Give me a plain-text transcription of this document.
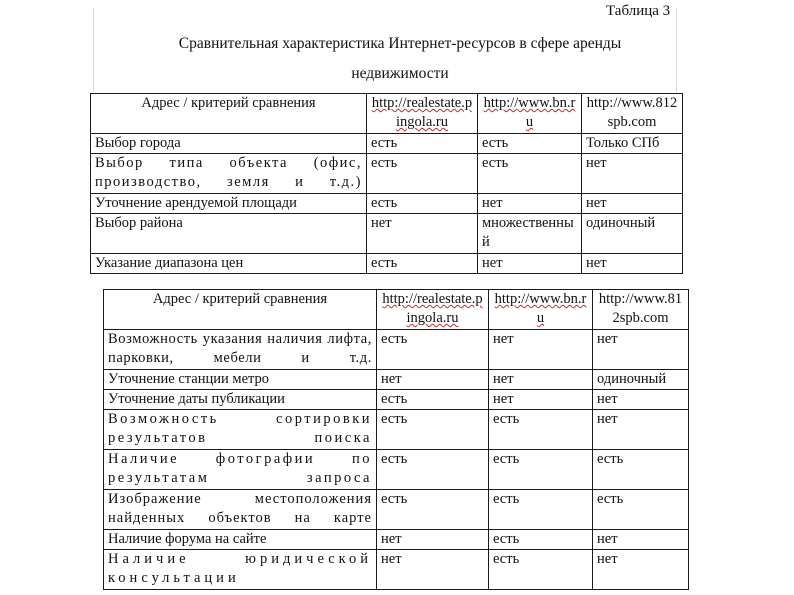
Таблица 3
Сравнительная характеристика Интернет-ресурсов в сфере аренды
недвижимости
Адрес / критерий сравнения	http://realestate.pingola.ru	http://www.bn.ru	http://www.812spb.com
Выбор города	есть	есть	Только СПб
Выбор типа объекта (офис, производство, земля и т.д.)	есть	есть	нет
Уточнение арендуемой площади	есть	нет	нет
Выбор района	нет	множественный	одиночный
Указание диапазона цен	есть	нет	нет
Адрес / критерий сравнения	http://realestate.pingola.ru	http://www.bn.ru	http://www.812spb.com
Возможность указания наличия лифта, парковки, мебели и т.д.	есть	нет	нет
Уточнение станции метро	нет	нет	одиночный
Уточнение даты публикации	есть	нет	нет
Возможность сортировки результатов поиска	есть	есть	нет
Наличие фотографии по результатам запроса	есть	есть	есть
Изображение местоположения найденных объектов на карте	есть	есть	есть
Наличие форума на сайте	нет	есть	нет
Наличие юридической консультации	нет	есть	нет
